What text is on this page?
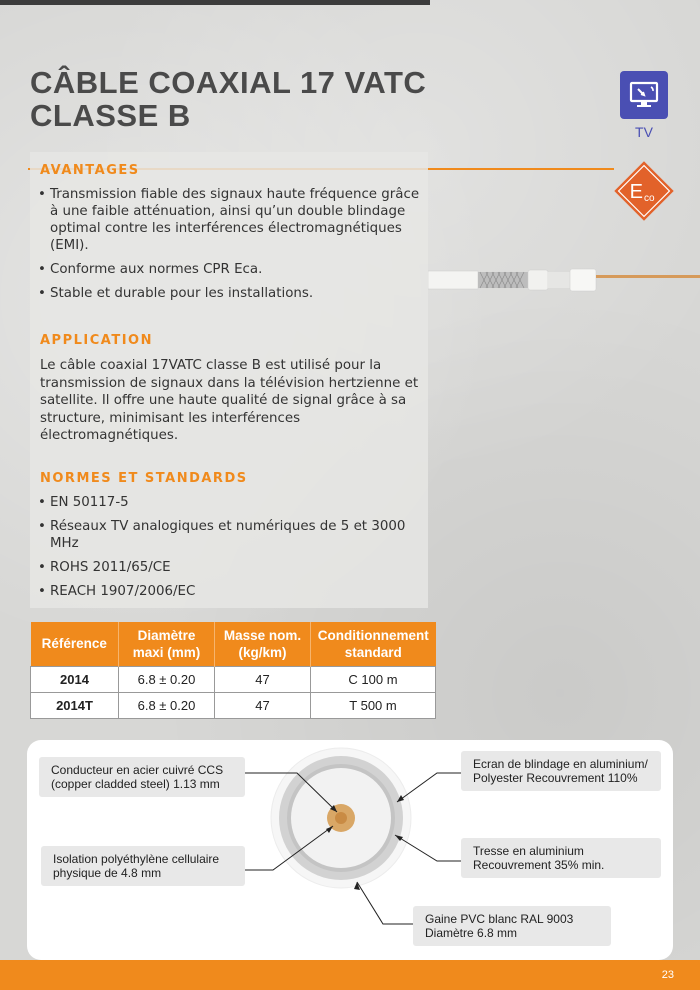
CÂBLE COAXIAL 17 VATC
CLASSE B	TV
E co
AVANTAGES
• Transmission fiable des signaux haute fréquence grâce à une faible atténuation, ainsi qu’un double blindage optimal contre les interférences électromagnétiques (EMI).
• Conforme aux normes CPR Eca.
• Stable et durable pour les installations.
APPLICATION

Le câble coaxial 17VATC classe B est utilisé pour la transmission de signaux dans la télévision hertzienne et satellite. Il offre une haute qualité de signal grâce à sa structure, minimisant les interférences électromagnétiques.

NORMES ET STANDARDS
• EN 50117-5
• Réseaux TV analogiques et numériques de 5 et 3000 MHz
• ROHS 2011/65/CE
• REACH 1907/2006/EC
Référence	Diamètre maxi (mm)	Masse nom. (kg/km)	Conditionnement standard
2014	6.8 ± 0.20	47	C 100 m
2014T	6.8 ± 0.20	47	T 500 m
Conducteur en acier cuivré CCS (copper cladded steel) 1.13 mm
Isolation polyéthylène cellulaire physique de 4.8 mm
Ecran de blindage en aluminium/ Polyester Recouvrement 110%
Tresse en aluminium Recouvrement 35% min.
Gaine PVC blanc RAL 9003 Diamètre 6.8 mm
23
